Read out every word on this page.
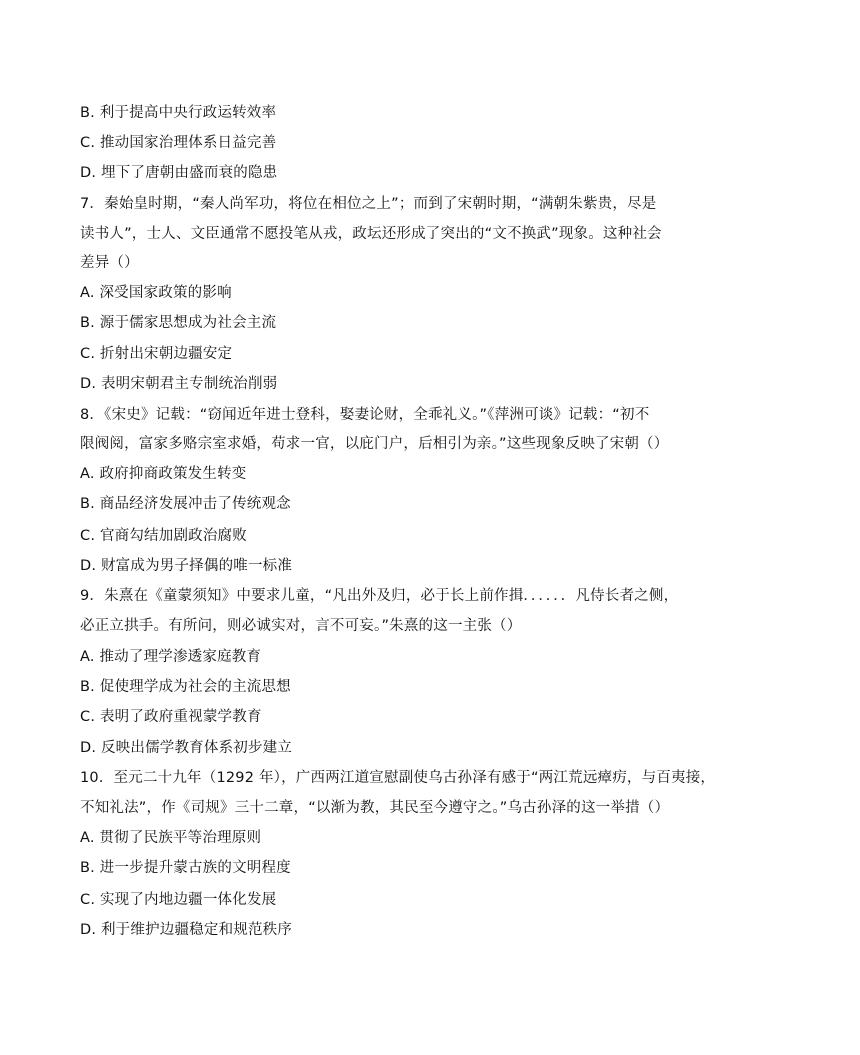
B. 利于提高中央行政运转效率
C. 推动国家治理体系日益完善
D. 埋下了唐朝由盛而衰的隐患
7．秦始皇时期，“秦人尚军功，将位在相位之上”；而到了宋朝时期，“满朝朱紫贵，尽是
读书人”，士人、文臣通常不愿投笔从戎，政坛还形成了突出的“文不换武”现象。这种社会
差异（）
A. 深受国家政策的影响
B. 源于儒家思想成为社会主流
C. 折射出宋朝边疆安定
D. 表明宋朝君主专制统治削弱
8．《宋史》记载：“窃闻近年进士登科，娶妻论财，全乖礼义。”《萍洲可谈》记载：“初不
限阀阅，富家多赂宗室求婚，苟求一官，以庇门户，后相引为亲。”这些现象反映了宋朝（）
A. 政府抑商政策发生转变
B. 商品经济发展冲击了传统观念
C. 官商勾结加剧政治腐败
D. 财富成为男子择偶的唯一标准
9．朱熹在《童蒙须知》中要求儿童，“凡出外及归，必于长上前作揖．．．．．．凡侍长者之侧，
必正立拱手。有所问，则必诚实对，言不可妄。”朱熹的这一主张（）
A. 推动了理学渗透家庭教育
B. 促使理学成为社会的主流思想
C. 表明了政府重视蒙学教育
D. 反映出儒学教育体系初步建立
10．至元二十九年（1292 年），广西两江道宣慰副使乌古孙泽有感于“两江荒远瘴疠，与百夷接，
不知礼法”，作《司规》三十二章，“以渐为教，其民至今遵守之。”乌古孙泽的这一举措（）
A. 贯彻了民族平等治理原则
B. 进一步提升蒙古族的文明程度
C. 实现了内地边疆一体化发展
D. 利于维护边疆稳定和规范秩序
